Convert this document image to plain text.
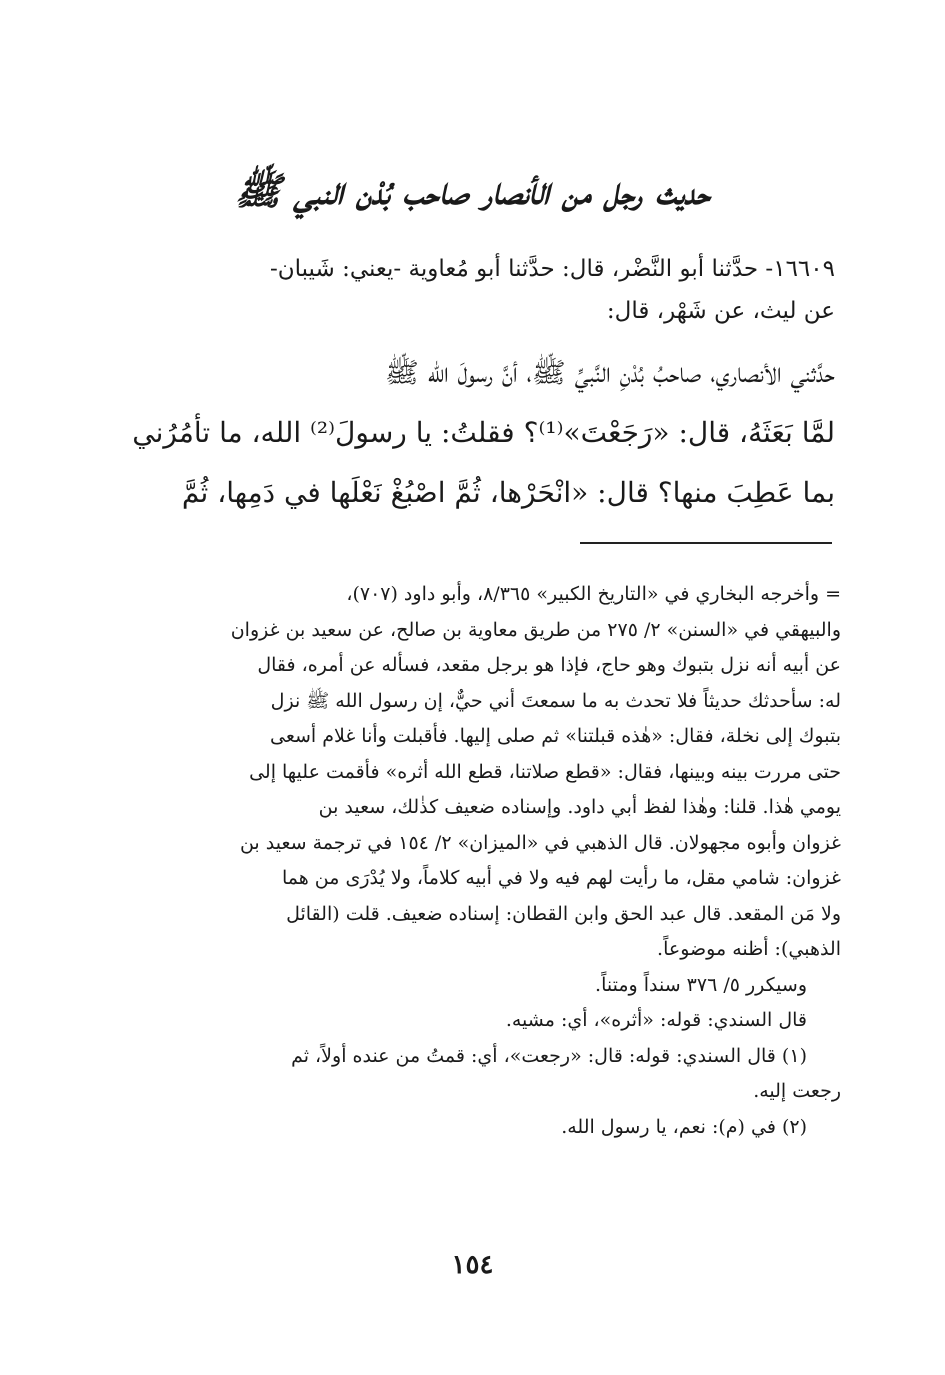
حديث رجل من الأنصار صاحب بُدْن النبي ﷺ

١٦٦٠٩- حدَّثنا أبو النَّضْر، قال: حدَّثنا أبو مُعاوية -يعني: شَيبان-

عن ليث، عن شَهْر، قال:

حدَّثني الأنصاري، صاحبُ بُدْنِ النَّبيِّ ﷺ، أنَّ رسولَ الله ﷺ

لمَّا بَعَثَهُ، قال: «رَجَعْتَ»⁽¹⁾؟ فقلتُ: يا رسولَ⁽²⁾ الله، ما تأمُرُني

بما عَطِبَ منها؟ قال: «انْحَرْها، ثُمَّ اصْبُغْ نَعْلَها في دَمِها، ثُمَّ

= وأخرجه البخاري في «التاريخ الكبير» ٨/٣٦٥، وأبو داود (٧٠٧)،

والبيهقي في «السنن» ٢/ ٢٧٥ من طريق معاوية بن صالح، عن سعيد بن غزوان

عن أبيه أنه نزل بتبوك وهو حاج، فإذا هو برجل مقعد، فسأله عن أمره، فقال

له: سأحدثك حديثاً فلا تحدث به ما سمعتَ أني حيٌّ، إن رسول الله ﷺ نزل

بتبوك إلى نخلة، فقال: «هٰذه قبلتنا» ثم صلى إليها. فأقبلت وأنا غلام أسعى

حتى مررت بينه وبينها، فقال: «قطع صلاتنا، قطع الله أثره» فأقمت عليها إلى

يومي هٰذا. قلنا: وهٰذا لفظ أبي داود. وإسناده ضعيف كذٰلك، سعيد بن

غزوان وأبوه مجهولان. قال الذهبي في «الميزان» ٢/ ١٥٤ في ترجمة سعيد بن

غزوان: شامي مقل، ما رأيت لهم فيه ولا في أبيه كلاماً، ولا يُدْرَى من هما

ولا مَن المقعد. قال عبد الحق وابن القطان: إسناده ضعيف. قلت (القائل

الذهبي): أظنه موضوعاً.

وسيكرر ٥/ ٣٧٦ سنداً ومتناً.

قال السندي: قوله: «أثره»، أي: مشيه.

(١) قال السندي: قوله: قال: «رجعت»، أي: قمتُ من عنده أولاً، ثم

رجعت إليه.

(٢) في (م): نعم، يا رسول الله.

١٥٤
